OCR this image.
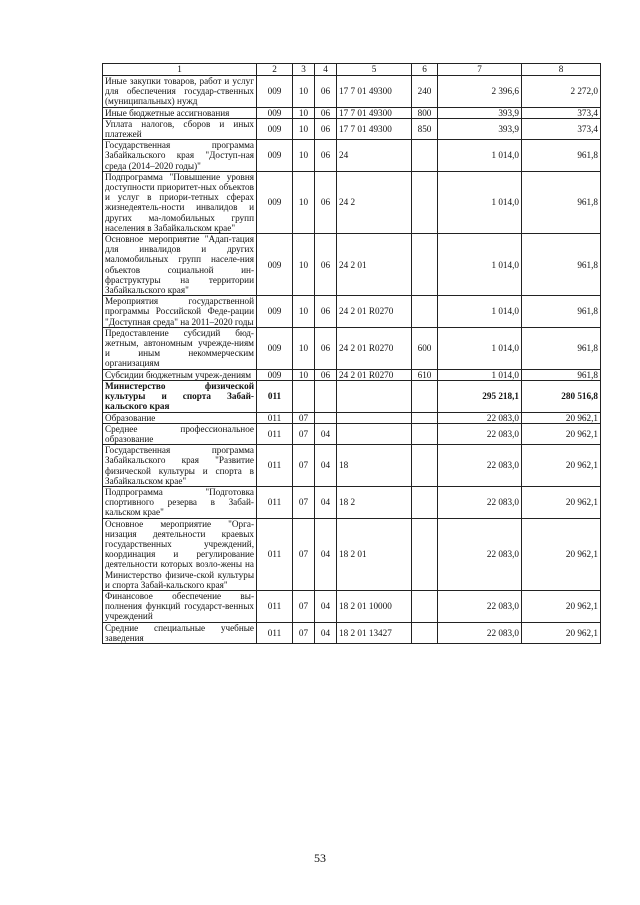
1	2	3	4	5	6	7	8
Иные закупки товаров, работ и услуг для обеспечения государ-ственных (муниципальных) нужд	009	10	06	17 7 01 49300	240	2 396,6	2 272,0
Иные бюджетные ассигнования	009	10	06	17 7 01 49300	800	393,9	373,4
Уплата налогов, сборов и иных платежей	009	10	06	17 7 01 49300	850	393,9	373,4
Государственная программа Забайкальского края "Доступ-ная среда (2014–2020 годы)"	009	10	06	24		1 014,0	961,8
Подпрограмма "Повышение уровня доступности приоритет-ных объектов и услуг в приори-тетных сферах жизнедеятель-ности инвалидов и других ма-ломобильных групп населения в Забайкальском крае"	009	10	06	24 2		1 014,0	961,8
Основное мероприятие "Адап-тация для инвалидов и других маломобильных групп населе-ния объектов социальной ин-фраструктуры на территории Забайкальского края"	009	10	06	24 2 01		1 014,0	961,8
Мероприятия государственной программы Российской Феде-рации "Доступная среда" на 2011–2020 годы	009	10	06	24 2 01 R0270		1 014,0	961,8
Предоставление субсидий бюд-жетным, автономным учрежде-ниям и иным некоммерческим организациям	009	10	06	24 2 01 R0270	600	1 014,0	961,8
Субсидии бюджетным учреж-дениям	009	10	06	24 2 01 R0270	610	1 014,0	961,8
Министерство физической культуры и спорта Забай-кальского края	011					295 218,1	280 516,8
Образование	011	07				22 083,0	20 962,1
Среднее профессиональное образование	011	07	04			22 083,0	20 962,1
Государственная программа Забайкальского края "Развитие физической культуры и спорта в Забайкальском крае"	011	07	04	18		22 083,0	20 962,1
Подпрограмма "Подготовка спортивного резерва в Забай-кальском крае"	011	07	04	18 2		22 083,0	20 962,1
Основное мероприятие "Орга-низация деятельности краевых государственных учреждений, координация и регулирование деятельности которых возло-жены на Министерство физиче-ской культуры и спорта Забай-кальского края"	011	07	04	18 2 01		22 083,0	20 962,1
Финансовое обеспечение вы-полнения функций государст-венных учреждений	011	07	04	18 2 01 10000		22 083,0	20 962,1
Средние специальные учебные заведения	011	07	04	18 2 01 13427		22 083,0	20 962,1
53
